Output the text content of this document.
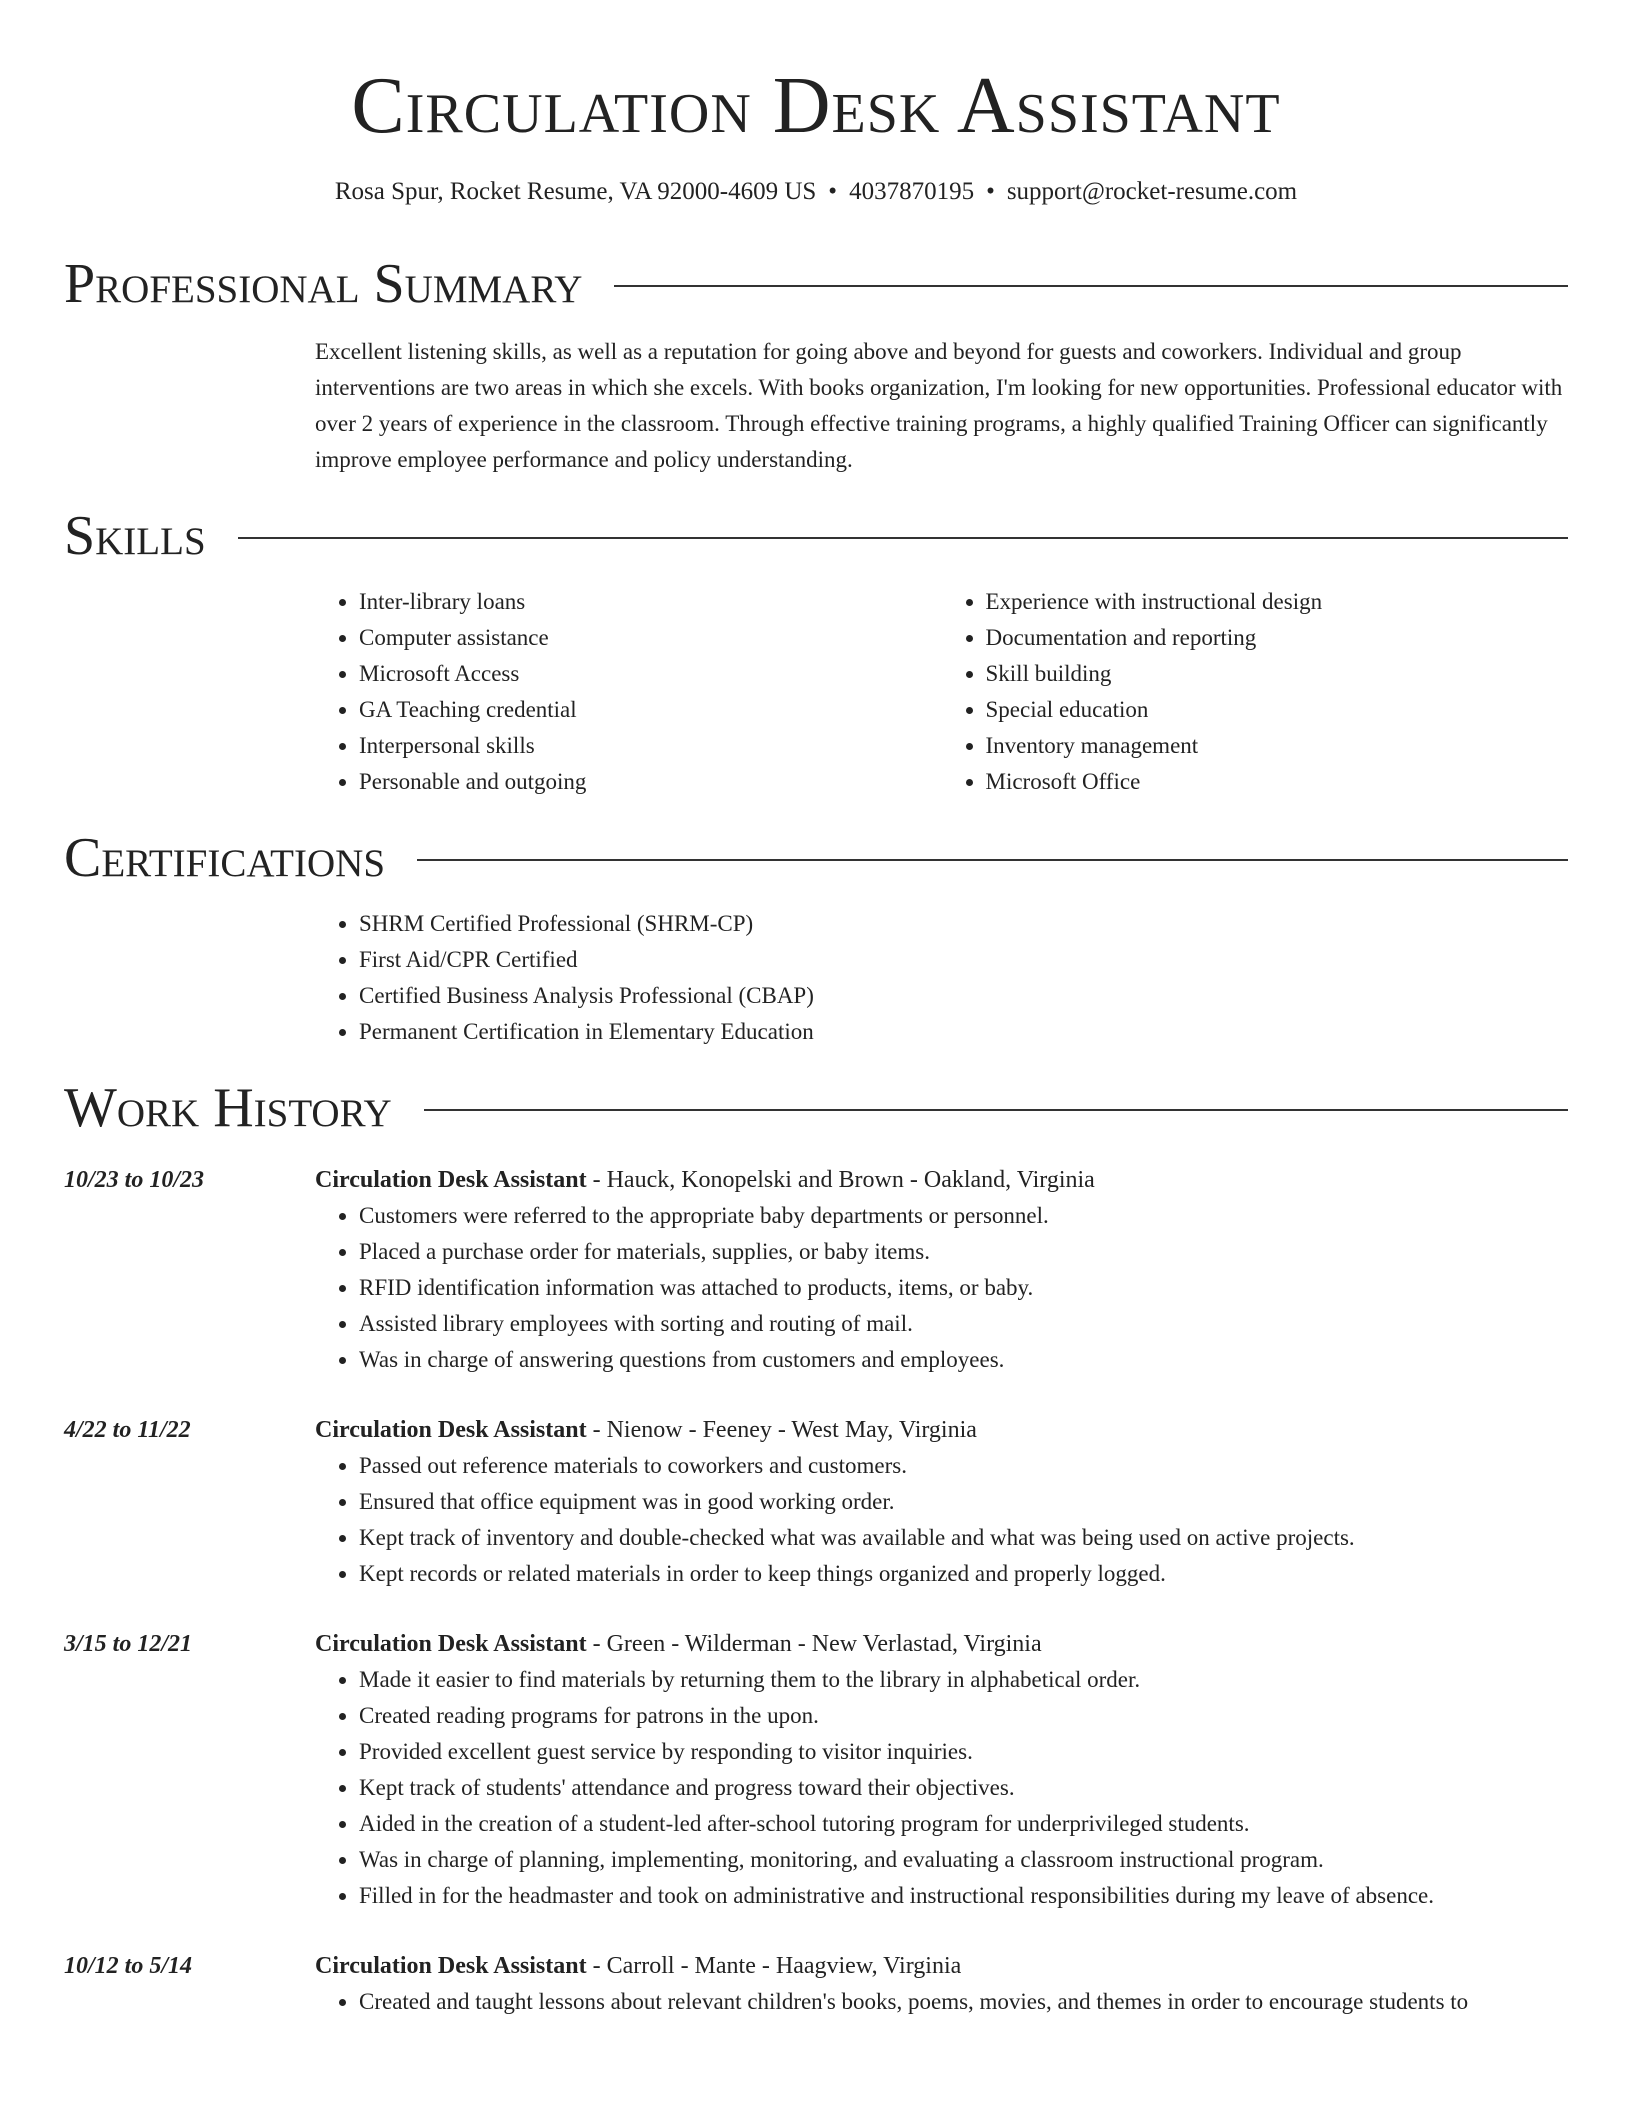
Circulation Desk Assistant
Rosa Spur, Rocket Resume, VA 92000-4609 US • 4037870195 • support@rocket-resume.com
Professional Summary

Excellent listening skills, as well as a reputation for going above and beyond for guests and coworkers. Individual and group interventions are two areas in which she excels. With books organization, I'm looking for new opportunities. Professional educator with over 2 years of experience in the classroom. Through effective training programs, a highly qualified Training Officer can significantly improve employee performance and policy understanding.

Skills
• Inter-library loans
• Computer assistance
• Microsoft Access
• GA Teaching credential
• Interpersonal skills
• Personable and outgoing
• Experience with instructional design
• Documentation and reporting
• Skill building
• Special education
• Inventory management
• Microsoft Office
Certifications
• SHRM Certified Professional (SHRM-CP)
• First Aid/CPR Certified
• Certified Business Analysis Professional (CBAP)
• Permanent Certification in Elementary Education
Work History
10/23 to 10/23	Circulation Desk Assistant - Hauck, Konopelski and Brown - Oakland, Virginia
• Customers were referred to the appropriate baby departments or personnel.
• Placed a purchase order for materials, supplies, or baby items.
• RFID identification information was attached to products, items, or baby.
• Assisted library employees with sorting and routing of mail.
• Was in charge of answering questions from customers and employees.
4/22 to 11/22	Circulation Desk Assistant - Nienow - Feeney - West May, Virginia
• Passed out reference materials to coworkers and customers.
• Ensured that office equipment was in good working order.
• Kept track of inventory and double-checked what was available and what was being used on active projects.
• Kept records or related materials in order to keep things organized and properly logged.
3/15 to 12/21	Circulation Desk Assistant - Green - Wilderman - New Verlastad, Virginia
• Made it easier to find materials by returning them to the library in alphabetical order.
• Created reading programs for patrons in the upon.
• Provided excellent guest service by responding to visitor inquiries.
• Kept track of students' attendance and progress toward their objectives.
• Aided in the creation of a student-led after-school tutoring program for underprivileged students.
• Was in charge of planning, implementing, monitoring, and evaluating a classroom instructional program.
• Filled in for the headmaster and took on administrative and instructional responsibilities during my leave of absence.
10/12 to 5/14	Circulation Desk Assistant - Carroll - Mante - Haagview, Virginia
• Created and taught lessons about relevant children's books, poems, movies, and themes in order to encourage students to
